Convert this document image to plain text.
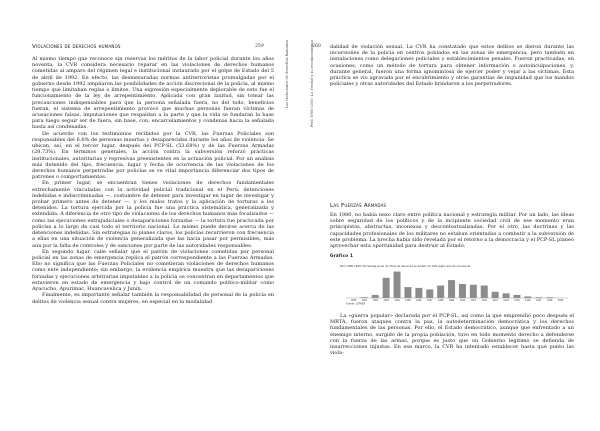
259	Las violaciones de derechos humanos
Violaciones de derechos humanos

Al mismo tiempo que reconoce sin reservas los méritos de la labor policial durante los años noventa, la CVR considera necesario reparar en las violaciones de derechos humanos cometidas al amparo del régimen legal e institucional instaurado por el golpe de Estado del 5 de abril de 1992. En efecto, las desmesuradas normas antiterroristas promulgadas por el gobierno desde 1992 ampliaron las posibilidades de acción discrecional de la policía, al mismo tiempo que limitaban reglas o límites. Una expresión especialmente deplorable de esto fue el funcionamiento de la ley de arrepentimiento. Aplicada con gran laxitud, sin tomar las precauciones indispensables para que la persona señalada fuera, no del todo, beneficios fueran, el sistema de arrepentimiento provocó que muchas personas fueran víctimas de acusaciones falsas, imputaciones que respaldan a la parte y que la vida se fundaran la base para luego seguir ser de fuera, sin base, con, encarcelamientos y condenas hacia la señalada hasta así condenadas.

De acuerdo con los testimonios recibidos por la CVR, las Fuerzas Policiales son responsables del 6.6% de personas muertas y desaparecidas durante los años de violencia. Se ubican, así, en el tercer lugar, después del PCP-SL (53.68%) y de las Fuerzas Armadas (28.73%). En términos generales, la acción contra la subversión reforzó prácticas institucionales, autoritarias y represivas preexistentes en la actuación policial. Por un análisis más detenido del tipo, frecuencia, lugar y fecha de ocurrencia de las violaciones de los derechos humanos perpetradas por policías se ve vital importancia diferenciar dos tipos de patrones o comportamientos.

En primer lugar, se encuentran tienes violaciones de derechos fundamentales estrechamente vinculadas con la actividad policial tradicional en el Perú: detenciones indebidas e indiscriminadas —, costumbre de detener para investigar en lugar de investigar y probar primero antes de detener —, y los malos tratos y la aplicación de torturas a los detenidos. La tortura ejercida por la policía fue una práctica sistemática, generalizada y extendida. A diferencia de otro tipo de violaciones de los derechos humanos más focalizados — como las ejecuciones extrajudiciales o desapariciones forzadas — la tortura fue practicada por policías a lo largo de casi todo el territorio nacional. Lo mismo puede decirse acerca de las detenciones indebidas. Sin estrategias ni planes claros, los policías recurrieron con frecuencia a ellas en una situación de violencia generalizada que las hacía pasar por permisibles, más aún por la falta de controles y de sanciones por parte de las autoridades responsables.

En segundo lugar, cabe señalar que el patrón de violaciones cometidas por personal policial en las zonas de emergencia replica el patrón correspondiente a las Fuerzas Armadas. Ello no significa que las Fuerzas Policiales no cometieran violaciones de derechos humanos como ente independiente; sin embargo, la evidencia empírica muestra que las desapariciones forzadas y ejecuciones arbitrarias imputables a la policía se concentran en departamentos que estuvieron en estado de emergencia y bajo control de un comando político-militar como Ayacucho, Apurímac, Huancavelica y Junín.

Finalmente, es importante señalar también la responsabilidad de personal de la policía en delitos de violencia sexual contra mujeres, en especial en la modalidad

260
Perú 1980-2000: La Verdad y su reconocimiento	dalidad de violación sexual. La CVR ha constatado que estos delitos se dieron durante las incursiones de la policía en centros poblados en las zonas de emergencia, pero también en instalaciones como delegaciones policiales y establecimientos penales. Fueron practicadas, en ocasiones, como un método de tortura para obtener información o autoinculpaciones, y, durante general, fueron una forma ignominiosa de ejercer poder y vejar a las víctimas. Esta práctica se vio agravada por el encubrimiento y otras garantías de impunidad que los mandos policiales y otras autoridades del Estado brindaron a los perpetradores.

Las Fuerzas Armadas

En 1980, no había nexo claro entre política nacional y estrategia militar. Por un lado, las ideas sobre seguridad de los políticos y de la incipiente sociedad civil de ese momento eran principistas, abstractas, inconexas y descontextualizadas. Por el otro, las doctrinas y las capacidades profesionales de los militares no estaban orientadas a combatir a la subversión de este problema. La brecha había sido revelada por el retorno a la democracia y el PCP-SL planeó aprovechar esta oportunidad para destruir al Estado.

Gráfico 1
Perú 1980-1999: Porcentaje anual de cifras de denuncia en ámbito de CVR según año de ocurrencia
1980 1981 1982 1983 1984 1985 1986 1987 1988 1989 1990 1991 1992 1993 1994 1995 1996 1997 1998 1999
Fuente: CEPRBA

La «guerra popular» declarada por el PCP-SL, así como la que emprendió poco después el MRTA, fueron ataques contra la paz, la autodeterminación democrática y los derechos fundamentales de las personas. Por ello, el Estado democrático, aunque que enfrentado a un enemigo interno, surgido de la propia población, tuvo en todo momento derecho a defenderse con la fuerza de las armas, porque es justo que un Gobierno legítimo se defienda de insurrecciones injustas. En ese marco, la CVR ha intentado establecer hasta qué punto las viola-
